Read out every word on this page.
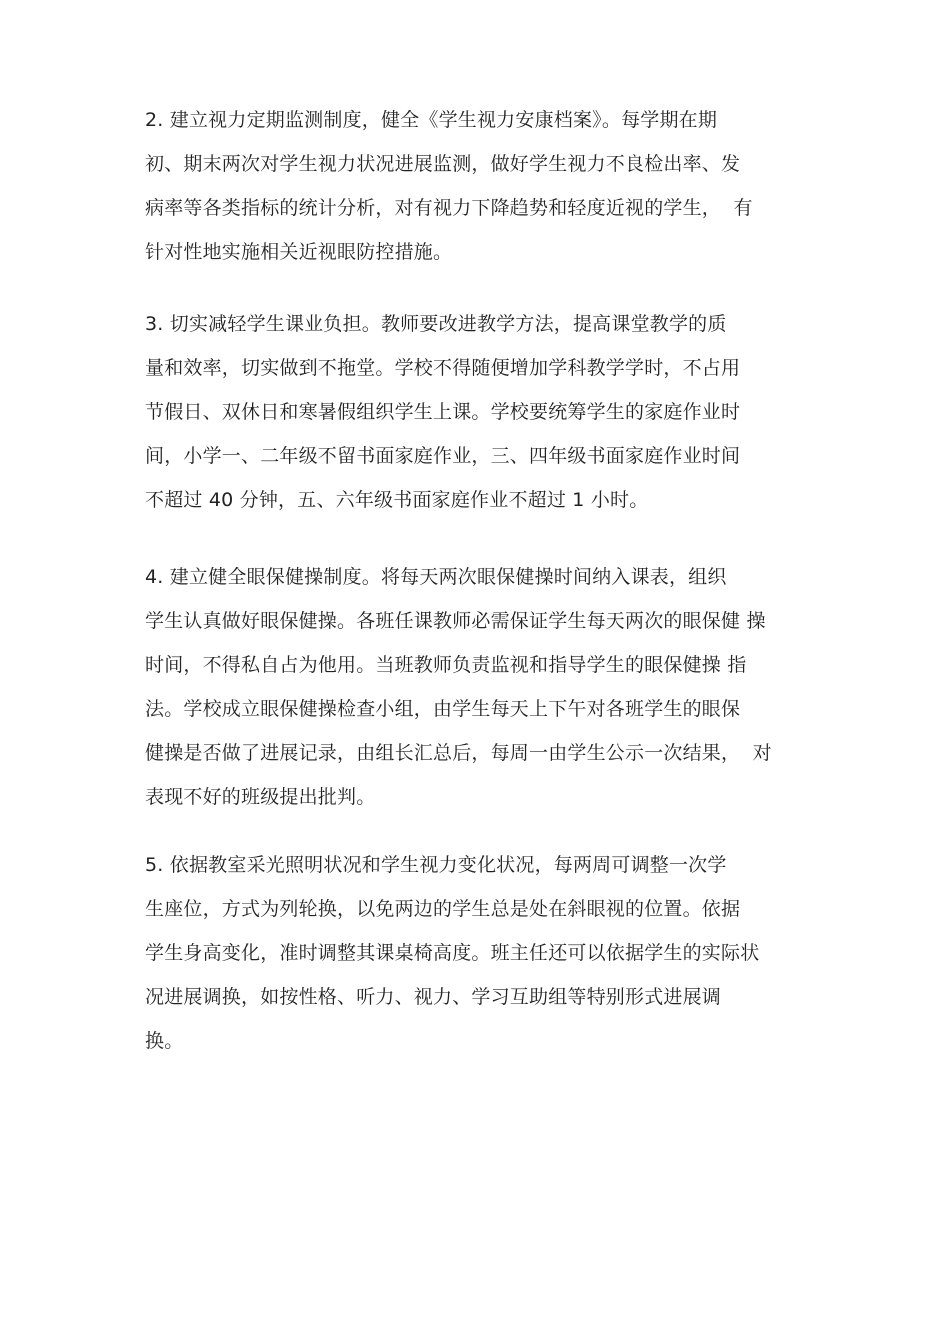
2. 建立视力定期监测制度，健全《学生视力安康档案》。每学期在期
初、期末两次对学生视力状况进展监测，做好学生视力不良检出率、发
病率等各类指标的统计分析，对有视力下降趋势和轻度近视的学生，  有
针对性地实施相关近视眼防控措施。
3. 切实减轻学生课业负担。教师要改进教学方法，提高课堂教学的质
量和效率，切实做到不拖堂。学校不得随便增加学科教学学时，不占用
节假日、双休日和寒暑假组织学生上课。学校要统筹学生的家庭作业时
间，小学一、二年级不留书面家庭作业，三、四年级书面家庭作业时间
不超过 40 分钟，五、六年级书面家庭作业不超过 1 小时。
4. 建立健全眼保健操制度。将每天两次眼保健操时间纳入课表，组织
学生认真做好眼保健操。各班任课教师必需保证学生每天两次的眼保健 操
时间，不得私自占为他用。当班教师负责监视和指导学生的眼保健操 指
法。学校成立眼保健操检查小组，由学生每天上下午对各班学生的眼保
健操是否做了进展记录，由组长汇总后，每周一由学生公示一次结果，  对
表现不好的班级提出批判。
5. 依据教室采光照明状况和学生视力变化状况，每两周可调整一次学
生座位，方式为列轮换，以免两边的学生总是处在斜眼视的位置。依据
学生身高变化，准时调整其课桌椅高度。班主任还可以依据学生的实际状
况进展调换，如按性格、听力、视力、学习互助组等特别形式进展调
换。
